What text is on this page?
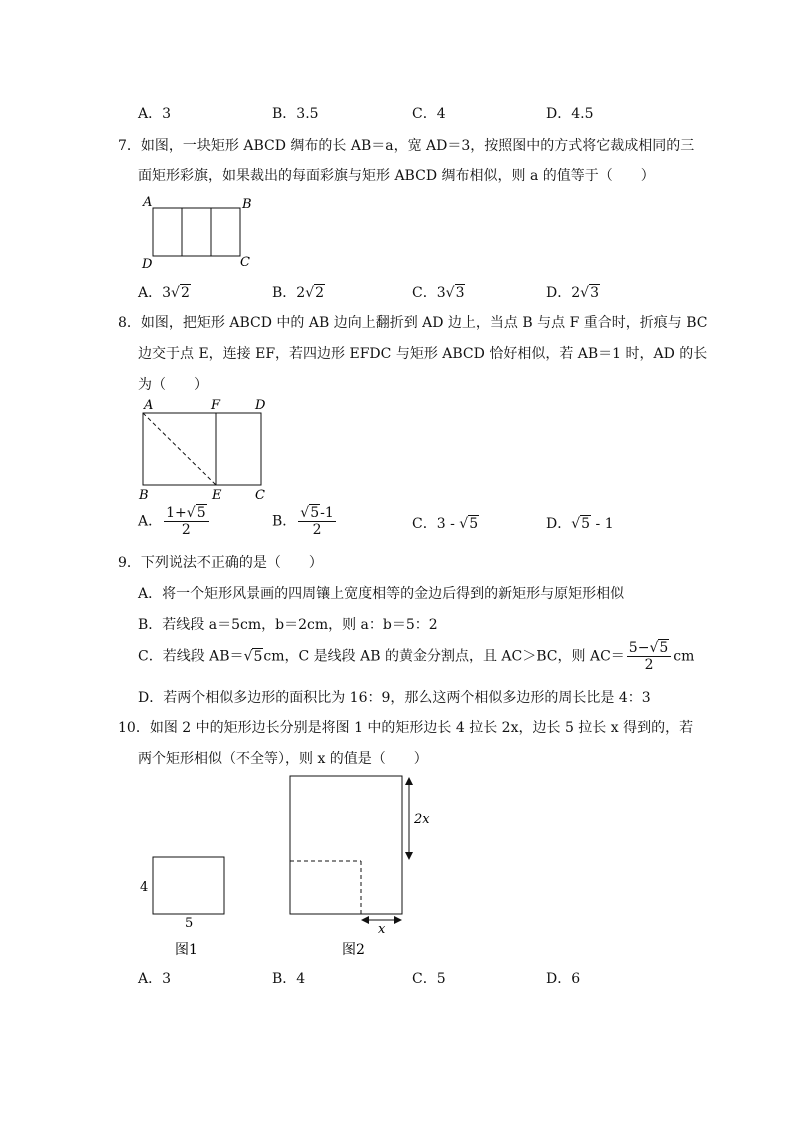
A．3	B．3.5	C．4	D．4.5
7．如图，一块矩形 ABCD 绸布的长 AB＝a，宽 AD＝3，按照图中的方式将它裁成相同的三
面矩形彩旗，如果裁出的每面彩旗与矩形 ABCD 绸布相似，则 a 的值等于（　　）
A	B
C
D
A．3√2	B．2√2	C．3√3	D．2√3
8．如图，把矩形 ABCD 中的 AB 边向上翻折到 AD 边上，当点 B 与点 F 重合时，折痕与 BC
边交于点 E，连接 EF，若四边形 EFDC 与矩形 ABCD 恰好相似，若 AB＝1 时，AD 的长
为（　　）
A	F	D
B	E	C
A． $\frac{1+√5}{2}$	B． $\frac{√5-1}{2}$	C．3 - √5	D．√5 - 1
9．下列说法不正确的是（　　）
A．将一个矩形风景画的四周镶上宽度相等的金边后得到的新矩形与原矩形相似
B．若线段 a＝5cm，b＝2cm，则 a：b＝5：2
C．若线段 AB＝√5cm，C 是线段 AB 的黄金分割点，且 AC＞BC，则 $AC= \frac{5-√5}{2}$ cm
D．若两个相似多边形的面积比为 16：9，那么这两个相似多边形的周长比是 4：3
10．如图 2 中的矩形边长分别是将图 1 中的矩形边长 4 拉长 2x，边长 5 拉长 x 得到的，若
两个矩形相似（不全等），则 x 的值是（　　）
4
5
图1
2x
x
图2
A．3	B．4	C．5	D．6
